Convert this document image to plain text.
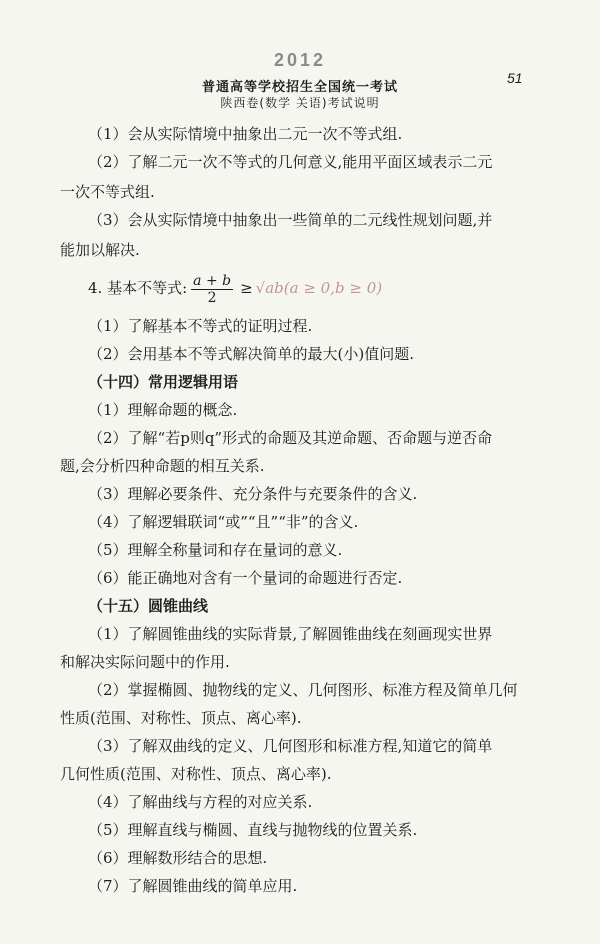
2012
普通高等学校招生全国统一考试
陕西卷(数学 关语)考试说明
51
（1）会从实际情境中抽象出二元一次不等式组.
（2）了解二元一次不等式的几何意义,能用平面区域表示二元
一次不等式组.
（3）会从实际情境中抽象出一些简单的二元线性规划问题,并
能加以解决.
4. 基本不等式: $\frac{a + b}{2} \ge √ab(a \ge 0,b \ge 0)$
（1）了解基本不等式的证明过程.
（2）会用基本不等式解决简单的最大(小)值问题.
（十四）常用逻辑用语
（1）理解命题的概念.
（2）了解“若p则q”形式的命题及其逆命题、否命题与逆否命
题,会分析四种命题的相互关系.
（3）理解必要条件、充分条件与充要条件的含义.
（4）了解逻辑联词“或”“且”“非”的含义.
（5）理解全称量词和存在量词的意义.
（6）能正确地对含有一个量词的命题进行否定.
（十五）圆锥曲线
（1）了解圆锥曲线的实际背景,了解圆锥曲线在刻画现实世界
和解决实际问题中的作用.
（2）掌握椭圆、抛物线的定义、几何图形、标准方程及简单几何
性质(范围、对称性、顶点、离心率).
（3）了解双曲线的定义、几何图形和标准方程,知道它的简单
几何性质(范围、对称性、顶点、离心率).
（4）了解曲线与方程的对应关系.
（5）理解直线与椭圆、直线与抛物线的位置关系.
（6）理解数形结合的思想.
（7）了解圆锥曲线的简单应用.
